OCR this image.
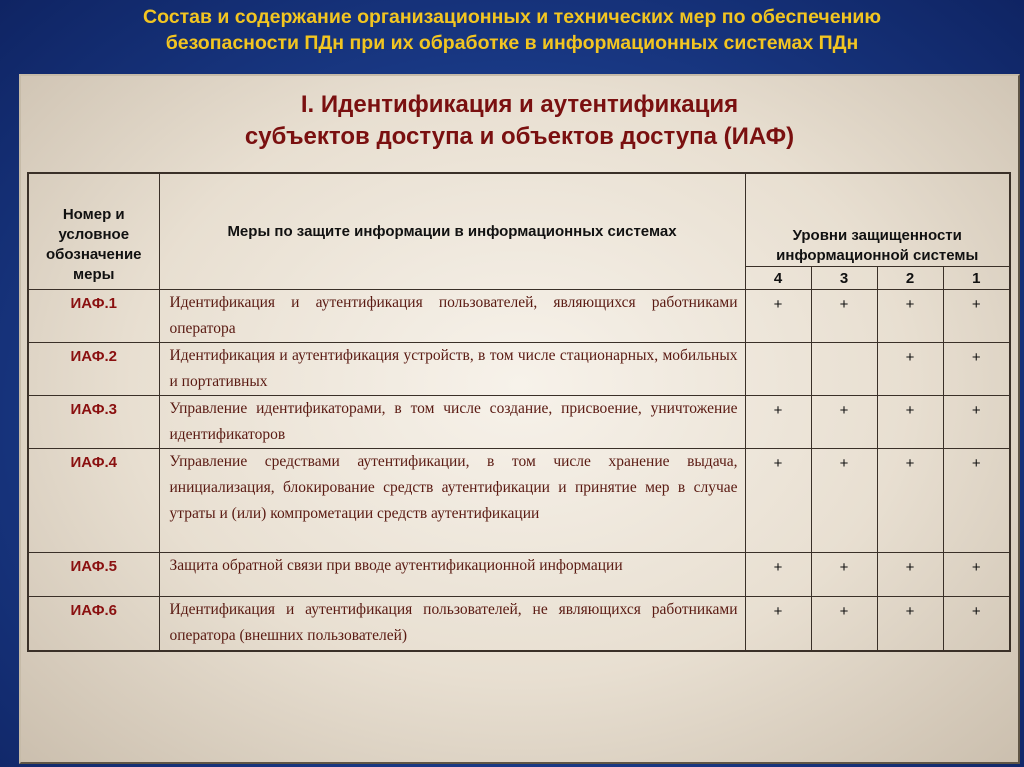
Состав и содержание организационных и технических мер по обеспечению
безопасности ПДн при их обработке в информационных системах ПДн
I. Идентификация и аутентификация
субъектов доступа и объектов доступа (ИАФ)
Номер и условное обозначение меры	Меры по защите информации в информационных системах	Уровни защищенности информационной системы			
		4	3	2	1
ИАФ.1	Идентификация и аутентификация пользователей, являющихся работниками оператора	+	+	+	+
ИАФ.2	Идентификация и аутентификация устройств, в том числе стационарных, мобильных и портативных			+	+
ИАФ.3	Управление идентификаторами, в том числе создание, присвоение, уничтожение идентификаторов	+	+	+	+
ИАФ.4	Управление средствами аутентификации, в том числе хранение выдача, инициализация, блокирование средств аутентификации и принятие мер в случае утраты и (или) компрометации средств аутентификации	+	+	+	+
ИАФ.5	Защита обратной связи при вводе аутентификационной информации	+	+	+	+
ИАФ.6	Идентификация и аутентификация пользователей, не являющихся работниками оператора (внешних пользователей)	+	+	+	+
